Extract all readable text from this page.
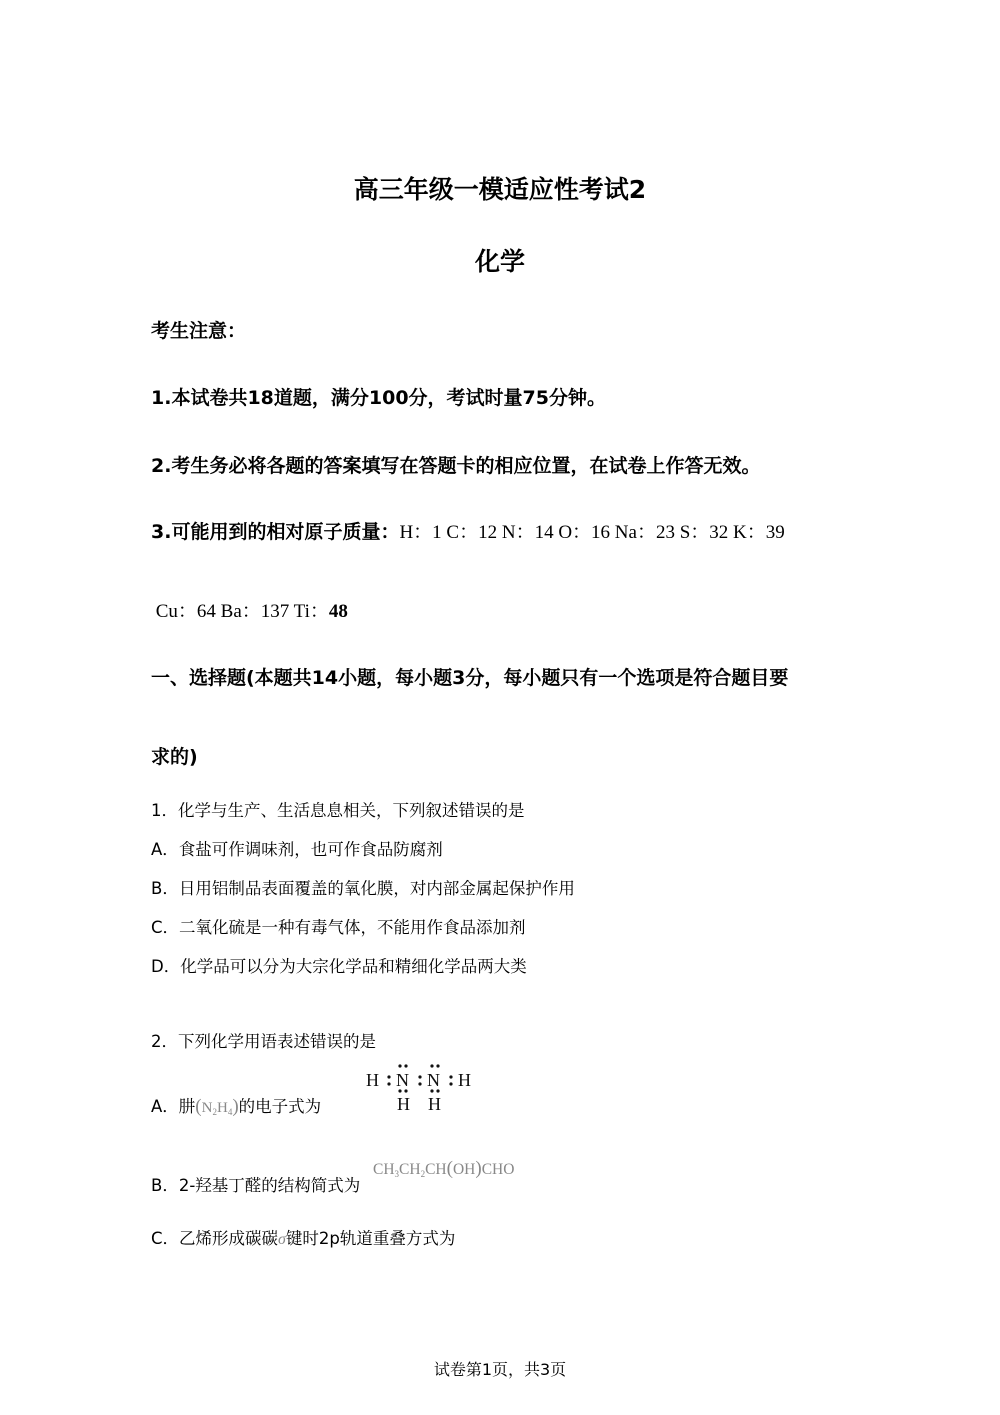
高三年级一模适应性考试2
化学
考生注意：
1.本试卷共18道题，满分100分，考试时量75分钟。
2.考生务必将各题的答案填写在答题卡的相应位置，在试卷上作答无效。
3.可能用到的相对原子质量：H：1 C：12 N：14 O：16 Na：23 S：32 K：39
Cu：64 Ba：137 Ti：48
一、选择题(本题共14小题，每小题3分，每小题只有一个选项是符合题目要
求的)
1．化学与生产、生活息息相关，下列叙述错误的是
A．食盐可作调味剂，也可作食品防腐剂
B．日用铝制品表面覆盖的氧化膜，对内部金属起保护作用
C．二氧化硫是一种有毒气体，不能用作食品添加剂
D．化学品可以分为大宗化学品和精细化学品两大类
2．下列化学用语表述错误的是
A．肼$(N_2H_4)$的电子式为
H N N H
H H
B．2-羟基丁醛的结构简式为
$CH_3CH_2CH(OH)CHO$
C．乙烯形成碳碳σ键时2p轨道重叠方式为
试卷第1页，共3页
